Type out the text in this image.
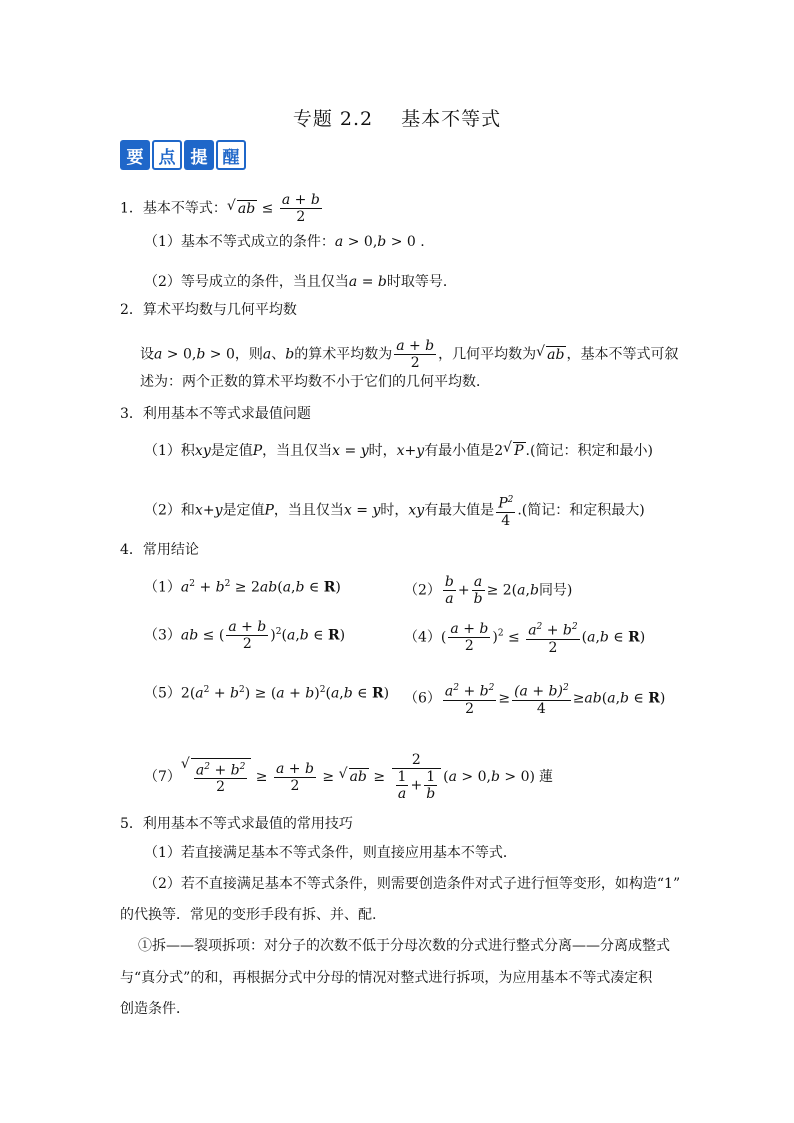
专题 2.2 基本不等式
要 点 提 醒
1．基本不等式： √ ab ≤ $\frac{a + b}{2}$
（1）基本不等式成立的条件：a > 0,b > 0 .
（2）等号成立的条件，当且仅当a = b时取等号．
2．算术平均数与几何平均数
设a > 0,b > 0，则a、b的算术平均数为 $\frac{a + b}{2}$ ，几何平均数为 √ ab ，基本不等式可叙
述为：两个正数的算术平均数不小于它们的几何平均数．
3．利用基本不等式求最值问题
（1）积xy是定值P，当且仅当x = y时，x+y有最小值是2 √ P .(简记：积定和最小)
（2）和x+y是定值P，当且仅当x = y时，xy有最大值是 $\frac{P^2}{4}$ .(简记：和定积最大)
4．常用结论
$(1)a^2 + b^2 \ge 2ab(a,b$ ∈ R)	$(2) \frac{b}{a} + \frac{a}{b} \ge 2(a,b$同号)
（3）ab ≤ ( $\frac{a + b}{2} )^2(a,b$ ∈ R)	$(4)( \frac{a + b}{2} )^2 \le \frac{a^2 + b^2}{2} (a,b$ ∈ R)
$(5)2(a^2 + b^2) \ge (a + b)^2(a,b$ ∈ R) $(6) \frac{a^2 + b^2}{2} \ge \frac{(a + b)^2}{4} \ge ab(a,b$ ∈ R)
（7） √ $\frac{a^2 + b^2}{2} \ge \frac{a + b}{2}$ ≥ √ ab ≥ $\frac{2}{\frac{1}{a} + \frac{1}{b}} (a > 0,b > 0)$ 蓮
5．利用基本不等式求最值的常用技巧
（1）若直接满足基本不等式条件，则直接应用基本不等式．
（2）若不直接满足基本不等式条件，则需要创造条件对式子进行恒等变形，如构造“1”
的代换等．常见的变形手段有拆、并、配.
①拆——裂项拆项：对分子的次数不低于分母次数的分式进行整式分离——分离成整式
与“真分式”的和，再根据分式中分母的情况对整式进行拆项，为应用基本不等式凑定积
创造条件．
